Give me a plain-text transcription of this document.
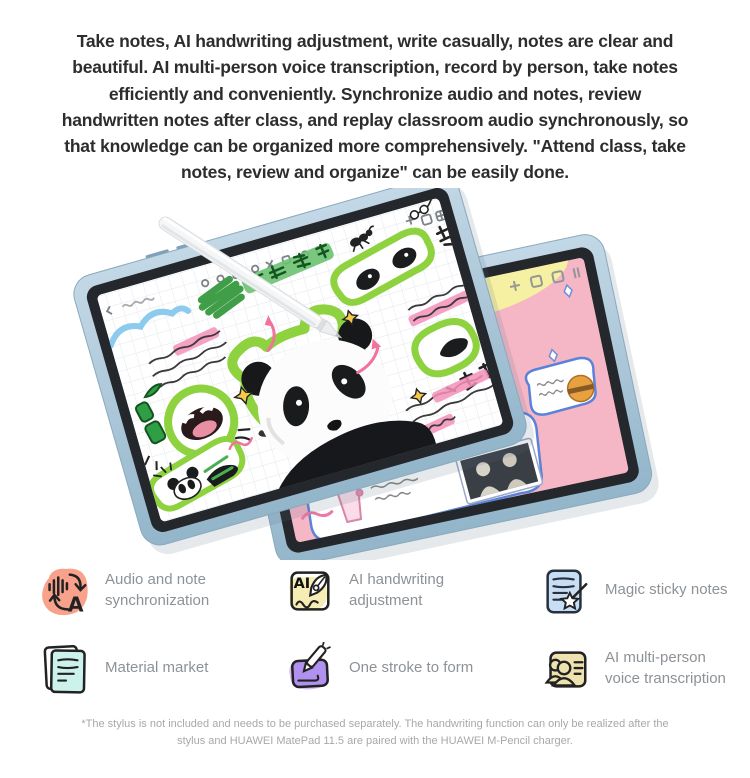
Take notes, AI handwriting adjustment, write casually, notes are clear and beautiful. AI multi-person voice transcription, record by person, take notes efficiently and conveniently. Synchronize audio and notes, review handwritten notes after class, and replay classroom audio synchronously, so that knowledge can be organized more comprehensively. "Attend class, take notes, review and organize" can be easily done.

A
Audio and note synchronization
AI	AI handwriting adjustment
Magic sticky notes
Material market	One stroke to form
AI multi-person voice transcription

*The stylus is not included and needs to be purchased separately. The handwriting function can only be realized after the stylus and HUAWEI MatePad 11.5 are paired with the HUAWEI M-Pencil charger.
